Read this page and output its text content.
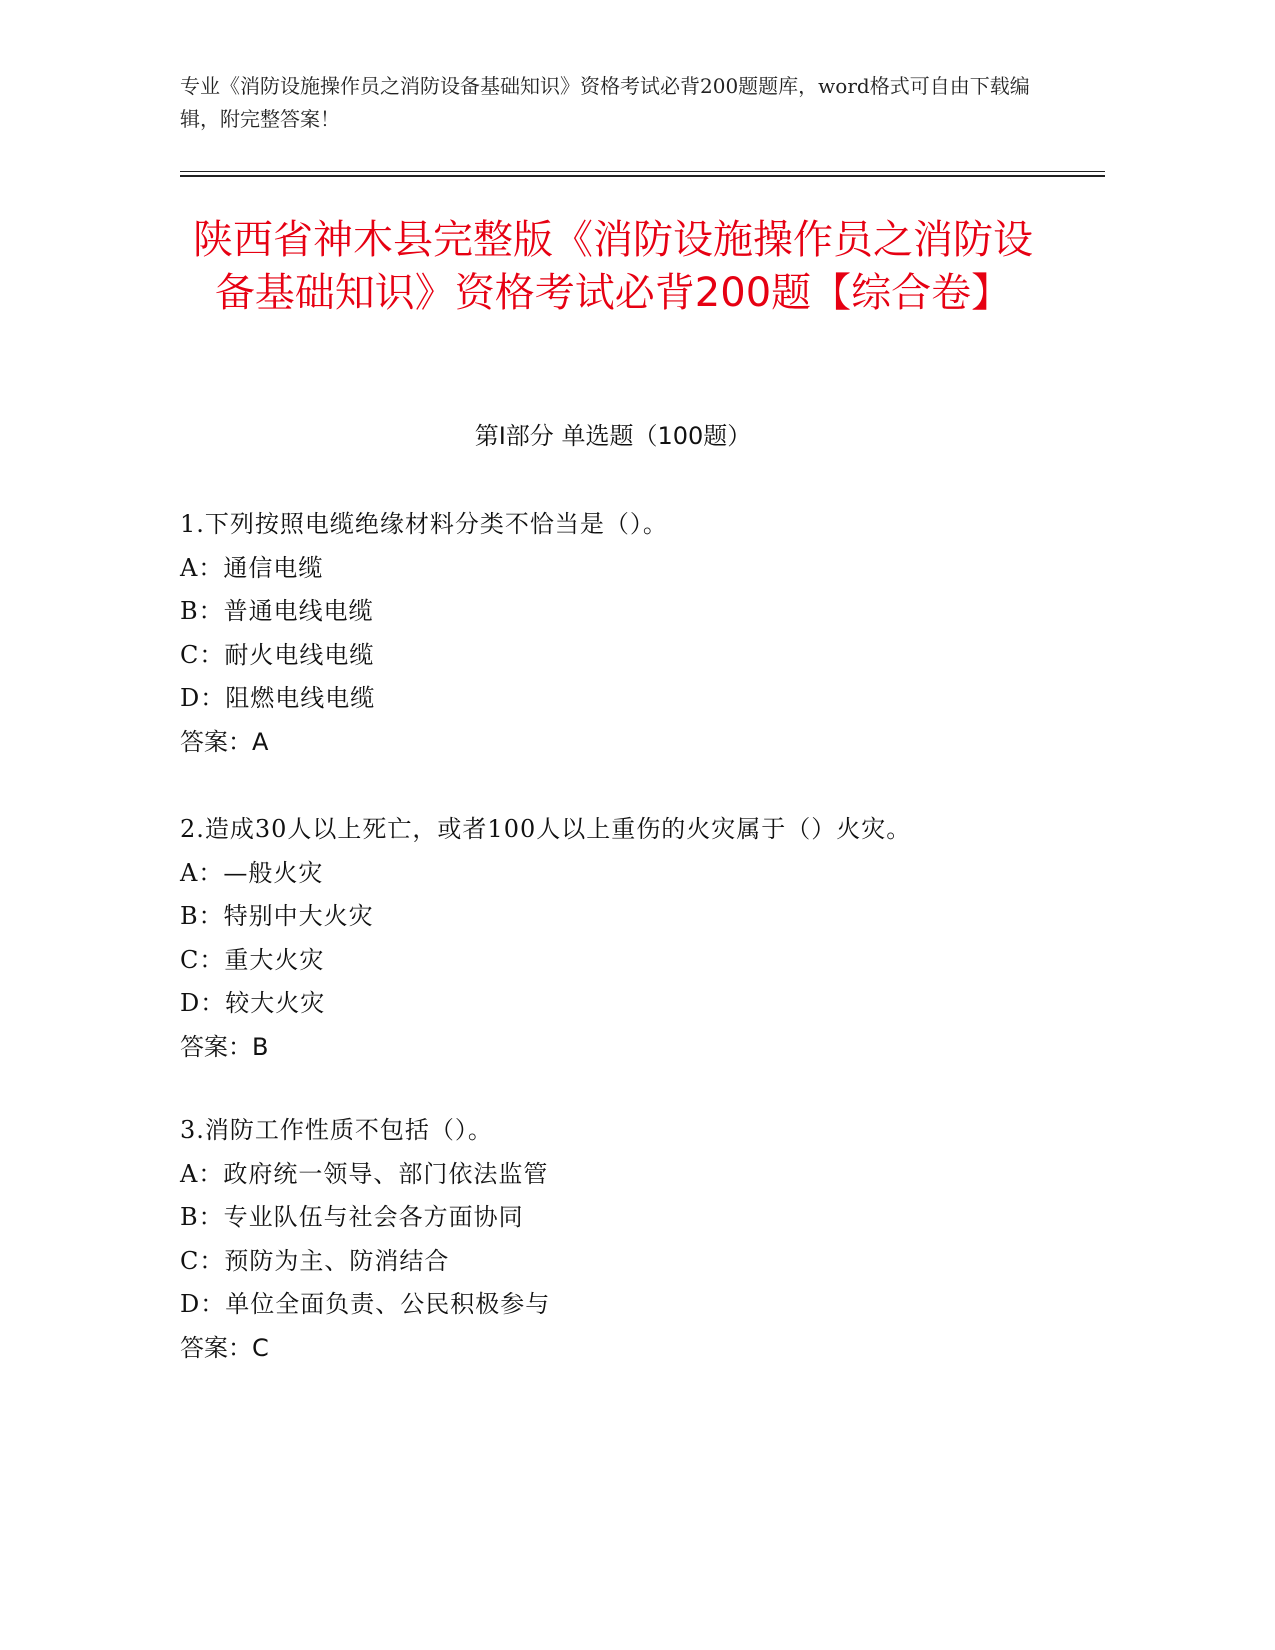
专业《消防设施操作员之消防设备基础知识》资格考试必背200题题库，word格式可自由下载编辑，附完整答案！
陕西省神木县完整版《消防设施操作员之消防设备基础知识》资格考试必背200题【综合卷】
第Ⅰ部分 单选题（100题）
1.下列按照电缆绝缘材料分类不恰当是（）。
A：通信电缆
B：普通电线电缆
C：耐火电线电缆
D：阻燃电线电缆
答案：A
2.造成30人以上死亡，或者100人以上重伤的火灾属于（）火灾。
A：—般火灾
B：特别中大火灾
C：重大火灾
D：较大火灾
答案：B
3.消防工作性质不包括（）。
A：政府统一领导、部门依法监管
B：专业队伍与社会各方面协同
C：预防为主、防消结合
D：单位全面负责、公民积极参与
答案：C
